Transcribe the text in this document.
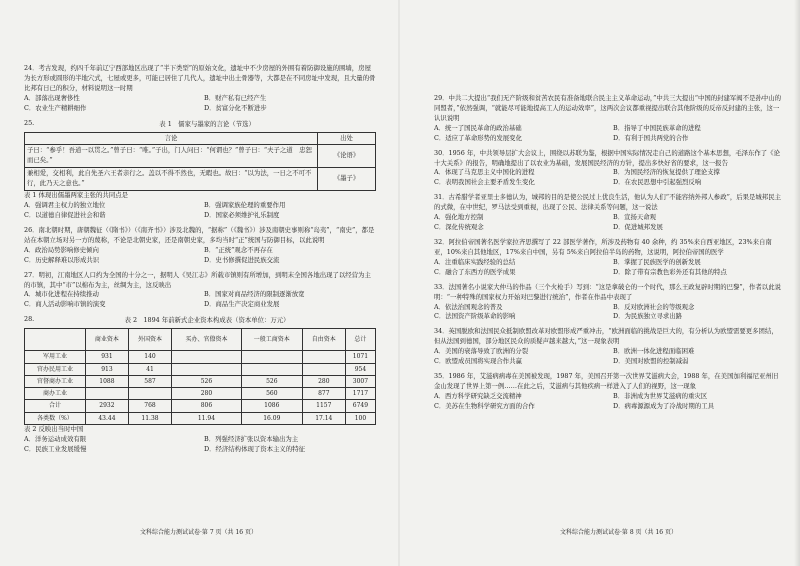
24．考古发现，约四千年前辽宁西部地区出现了“半下类型”的原始文化，遗址中不少房屋的外围有着防御设施的围墙，房屋为长方形或圆形的半地穴式，七屋或更多，可能已居住了几代人，遗址中出土骨器等，大都是在不同房址中发现，且大量的骨比邦有日已的积分，材料说明这一时期
A．部落出现奢侈性	B．财产私有已经产生
C．农业生产精耕细作	D．贫富分化不断进步
25.	表 1　儒家与墨家的言论（节选）
言论	出处
子曰：“参乎！吾道一以贯之。”曾子曰：“唯。”子出，门人问曰：“何谓也？”曾子曰：“夫子之道　忠恕而已矣。”	《论语》
兼相爱，交相利，此自先圣六王者亲行之。盖以不得不然也，无暇也。故曰：“以为法，一日之不可不行，此乃天之意也。”	《墨子》
表 1 体现出儒墨两家主张的共同点是
A．强调君主权力的独立地位	B．强调家族伦理的重要作用
C．以道德自律促进社会和谐	D．国家必须维护礼乐制度
26．南北朝时期，唐朝魏征（《隋书》）（《南齐书》）涉及北魏的，“据称”（《魏书》）涉及南朝史事则称“岛夷”，“南史”，都是站在本朝立场对另一方的蔑称，不论是北朝史家，还是南朝史家，多均当时“正”统国与防御目标，以此说明
A．政治局势影响修史倾向	B．“正统”观念不再存在
C．历史解释难以形成共识	D．史书修撰促进民族交流
27．明初，江南地区人口约为全国的十分之一，据明人《吴江志》所载市镇则有所增加，到明末全国各地出现了以经营为主的市镇，其中“市”以棉布为主，丝绸为主，这反映出
A．城市化进程在持续推动	B．国家对商品经济的限制逐渐放宽
C．商人活动影响市镇的演变	D．商品生产决定商业发展
28.	表 2　1894 年前新式企业资本构成表（资本单位：万元）
	商业资本	外国资本	买办、官僚资本	一般工商资本	自由资本	总计
军用工业	931	140				1071
官办民用工业	913	41				954
官督商办工业	1088	587	526	526	280	3007
商办工业			280	560	877	1717
合计	2932	768	806	1086	1157	6749
各类数（%）	43.44	11.38	11.94	16.09	17.14	100
表 2 反映出当时中国
A．洋务运动成效有限	B．列强经济扩张以资本输出为主
C．民族工业发展缓慢	D．经济结构体现了资本主义的特征
文科综合能力测试试卷·第 7 页（共 16 页）
29．中共二大提出“我们无产阶级和贫苦农民有准备地联合民主主义革命运动，”中共三大提出“中国的封建军阀不是孙中山的同盟者，”依然强调，“就能尽可能地提高工人的运动效率”，这两次会议都重视提出联合其他阶级的反帝反封建的主张，这一认识说明
A．统一了国民革命的政治基础	B．指导了中国民族革命的进程
C．适应了革命形势的发展变化	D．有利于国共两党的合作
30．1956 年，中共领导层扩大会议上，围绕以苏联为鉴，根据中国实际情况走自己的道路这个基本思想，毛泽东作了《论十大关系》的报告，明确地提出了以农业为基础，发展国民经济的方针，提出多快好省的要求，这一报告
A．体现了马克思主义中国化的进程	B．为国民经济的恢复提供了理论支撑
C．表明我国社会主要矛盾发生变化	D．在农民思想中引起强烈反响
31．古希腊学者亚里士多德认为，城邦的目的是使公民过上优良生活，他认为人们“不能容纳外邦人参政”，后果是城邦民主的式微，在中世纪，罗马法受到重视，出现了公民、法律关系等问题，这一说法
A．强化地方控制	B．宣扬天命观
C．深化传统观念	D．促进城邦发展
32．阿拉伯帝国著名医学家拉齐思撰写了 22 部医学著作，所涉及药物有 40 余种，约 35%来自西亚地区，23%来自南亚，10%来自其他地区，17%来自中国，另有 5%来自阿拉伯半岛的药物，这说明，阿拉伯帝国的医学
A．注重临床实践经验的总结	B．掌握了民族医学的创新发展
C．融合了东西方的医学成果	D．除了带有宗教色彩外还有其他的特点
33．法国著名小说家大仲马的作品（三个火枪手）写到：“这是拿破仑的一个时代，那么王政复辟时期的巴黎”，作者以此说明：“一种特殊的国家权力开始对巴黎进行统治”，作者在作品中表现了
A．依法治国观念的普及	B．反对欧洲社会的等级观念
C．法国资产阶级革命的影响	D．为民族独立寻求出路
34．英国脱欧和法国民众抵制欧盟改革对欧盟形成严重冲击，“欧洲面临的挑战是巨大的，有分析认为欧盟需要更多团结，但从法国到德国，部分地区民众的质疑声越来越大，”这一现象表明
A．美国的衰落导致了欧洲的分裂	B．欧洲一体化进程面临困难
C．欧盟成员国将实现合作共赢	D．美国对欧盟的控制减弱
35．1986 年，艾滋病病毒在美国被发现，1987 年，美国召开第一次世界艾滋病大会，1988 年，在美国加利福尼亚州旧金山发现了世界上第一例……在此之后，艾滋病与其他疾病一样进入了人们的视野，这一现象
A．西方科学研究缺乏交流精神	B．非洲成为世界艾滋病的重灾区
C．美苏在生物科学研究方面的合作	D．病毒源源成为了冷战时期的工具
文科综合能力测试试卷·第 8 页（共 16 页）
